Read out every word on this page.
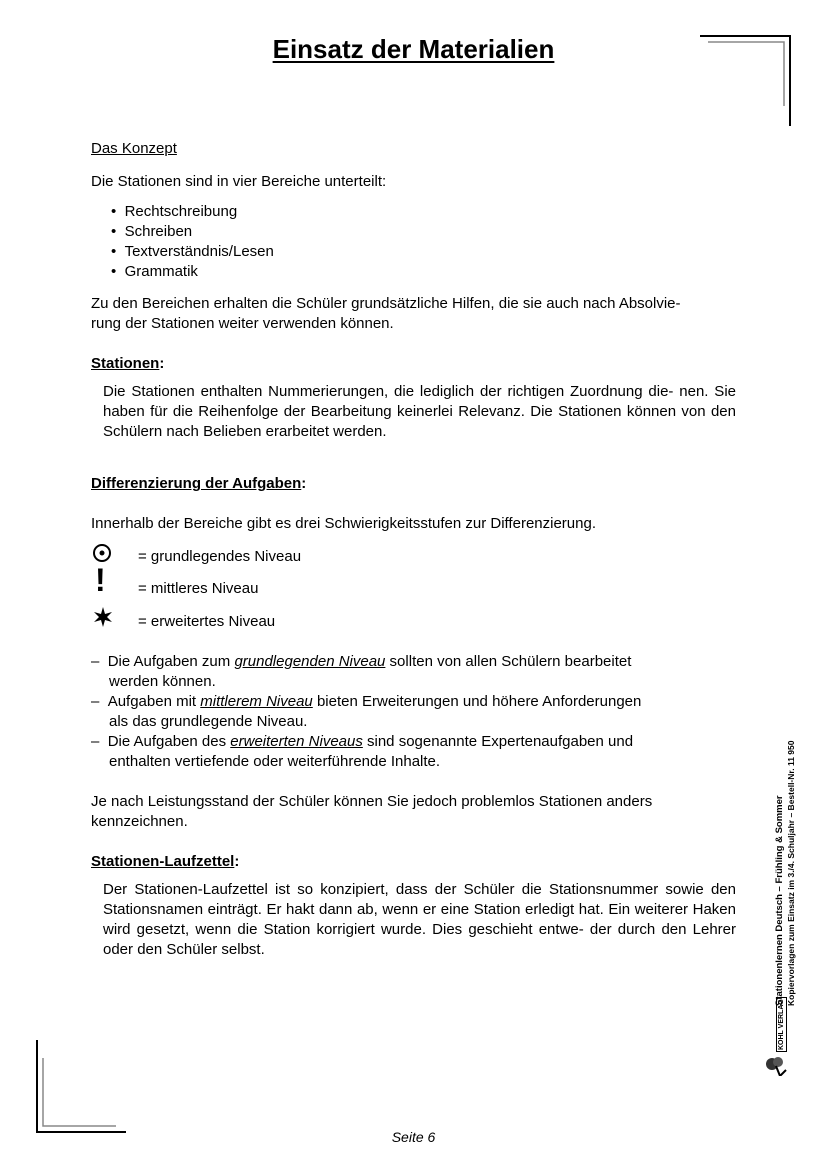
Einsatz der Materialien
Das Konzept
Die Stationen sind in vier Bereiche unterteilt:
•  Rechtschreibung
•  Schreiben
•  Textverständnis/Lesen
•  Grammatik
Zu den Bereichen erhalten die Schüler grundsätzliche Hilfen, die sie auch nach Absolvie-
rung der Stationen weiter verwenden können.
Stationen:
Die Stationen enthalten Nummerierungen, die lediglich der richtigen Zuordnung die- nen. Sie haben für die Reihenfolge der Bearbeitung keinerlei Relevanz. Die Stationen können von den Schülern nach Belieben erarbeitet werden.
Differenzierung der Aufgaben:
Innerhalb der Bereiche gibt es drei Schwierigkeitsstufen zur Differenzierung.
= grundlegendes Niveau
! = mittleres Niveau
= erweitertes Niveau
– Die Aufgaben zum grundlegenden Niveau sollten von allen Schülern bearbeitet
werden können.
– Aufgaben mit mittlerem Niveau bieten Erweiterungen und höhere Anforderungen
als das grundlegende Niveau.
– Die Aufgaben des erweiterten Niveaus sind sogenannte Expertenaufgaben und
enthalten vertiefende oder weiterführende Inhalte.
Je nach Leistungsstand der Schüler können Sie jedoch problemlos Stationen anders
kennzeichnen.
Stationen-Laufzettel:
Der Stationen-Laufzettel ist so konzipiert, dass der Schüler die Stationsnummer sowie den Stationsnamen einträgt. Er hakt dann ab, wenn er eine Station erledigt hat. Ein weiterer Haken wird gesetzt, wenn die Station korrigiert wurde. Dies geschieht entwe- der durch den Lehrer oder den Schüler selbst.	Stationenlernen Deutsch – Frühling & Sommer Kopiervorlagen zum Einsatz im 3./4. Schuljahr – Bestell-Nr. 11 950
KOHL VERLAG
Seite 6
